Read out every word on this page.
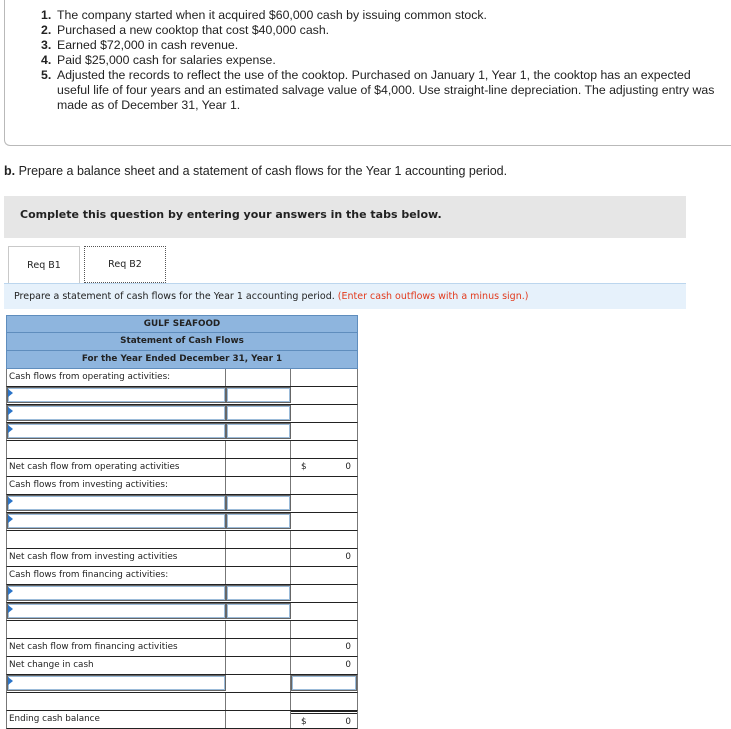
1. The company started when it acquired $60,000 cash by issuing common stock.
2. Purchased a new cooktop that cost $40,000 cash.
3. Earned $72,000 in cash revenue.
4. Paid $25,000 cash for salaries expense.
5. Adjusted the records to reflect the use of the cooktop. Purchased on January 1, Year 1, the cooktop has an expected useful life of four years and an estimated salvage value of $4,000. Use straight-line depreciation. The adjusting entry was made as of December 31, Year 1.
b. Prepare a balance sheet and a statement of cash flows for the Year 1 accounting period.
Complete this question by entering your answers in the tabs below.
Req B1	Req B2
Prepare a statement of cash flows for the Year 1 accounting period. (Enter cash outflows with a minus sign.)
GULF SEAFOOD
Statement of Cash Flows
For the Year Ended December 31, Year 1
Cash flows from operating activities:
Net cash flow from operating activities	$	0
Cash flows from investing activities:
Net cash flow from investing activities	0
Cash flows from financing activities:
Net cash flow from financing activities	0
Net change in cash	0
Ending cash balance	$	0
